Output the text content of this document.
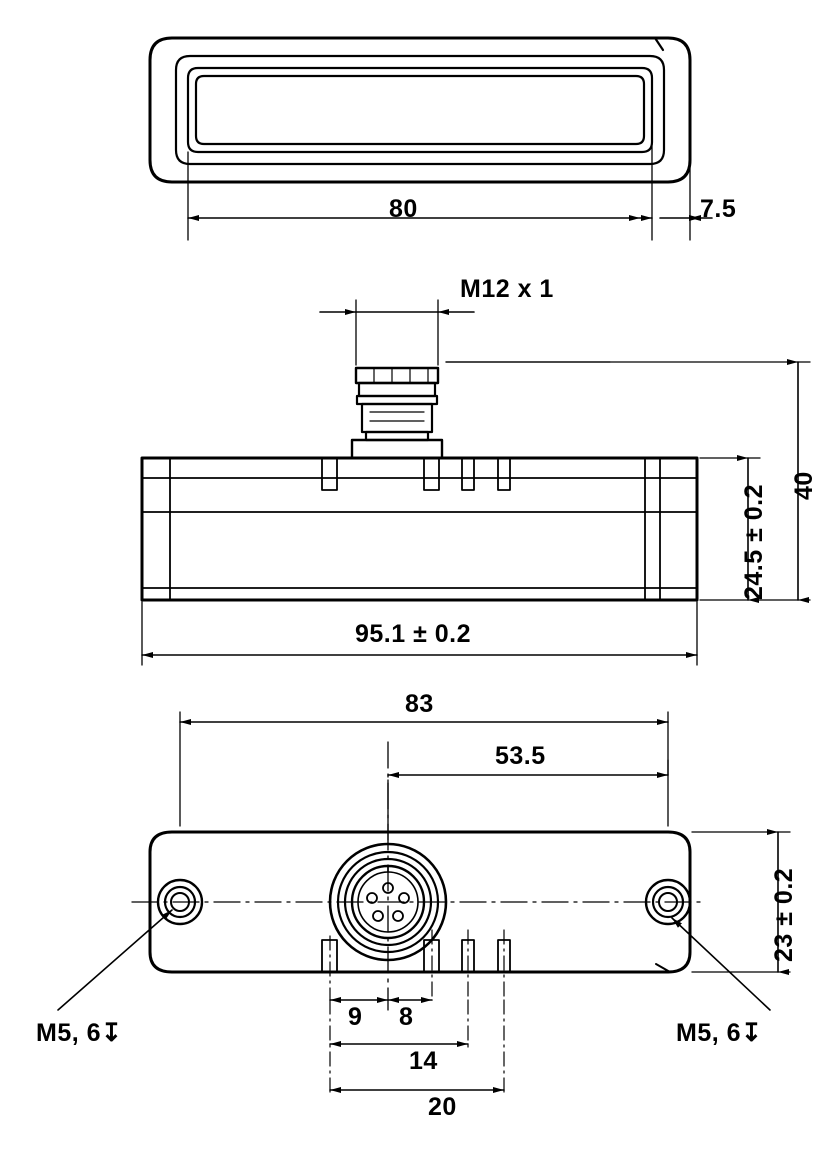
80	7.5
M12 x 1
40
24.5 ± 0.2
95.1 ± 0.2
83
53.5
23 ± 0.2
9 8
14
20
M5, 6↧	M5, 6↧
